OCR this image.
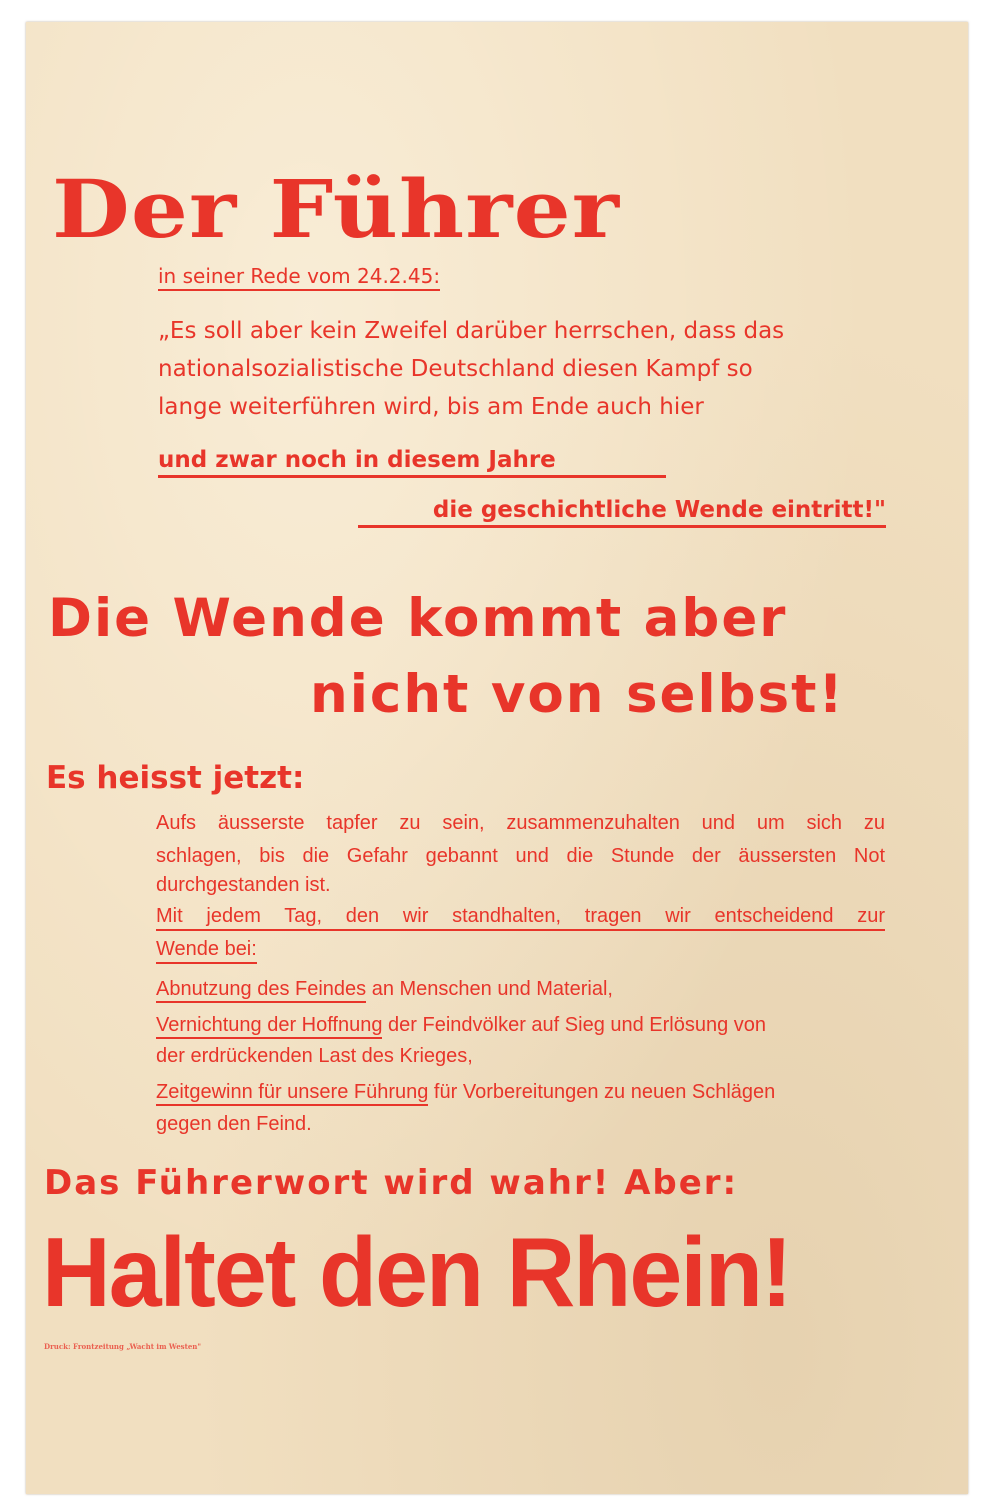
Der Führer
in seiner Rede vom 24.2.45:
„Es soll aber kein Zweifel darüber herrschen, dass das
nationalsozialistische Deutschland diesen Kampf so
lange weiterführen wird, bis am Ende auch hier
und zwar noch in diesem Jahre
die geschichtliche Wende eintritt!"
Die Wende kommt aber
nicht von selbst!
Es heisst jetzt:
Aufs äusserste tapfer zu sein, zusammenzuhalten und um sich zu
schlagen, bis die Gefahr gebannt und die Stunde der äussersten Not
durchgestanden ist.
Mit jedem Tag, den wir standhalten, tragen wir entscheidend zur
Wende bei:
Abnutzung des Feindes an Menschen und Material,
Vernichtung der Hoffnung der Feindvölker auf Sieg und Erlösung von
der erdrückenden Last des Krieges,
Zeitgewinn für unsere Führung für Vorbereitungen zu neuen Schlägen
gegen den Feind.
Das Führerwort wird wahr! Aber:
Haltet den Rhein!
Druck: Frontzeitung „Wacht im Westen"
